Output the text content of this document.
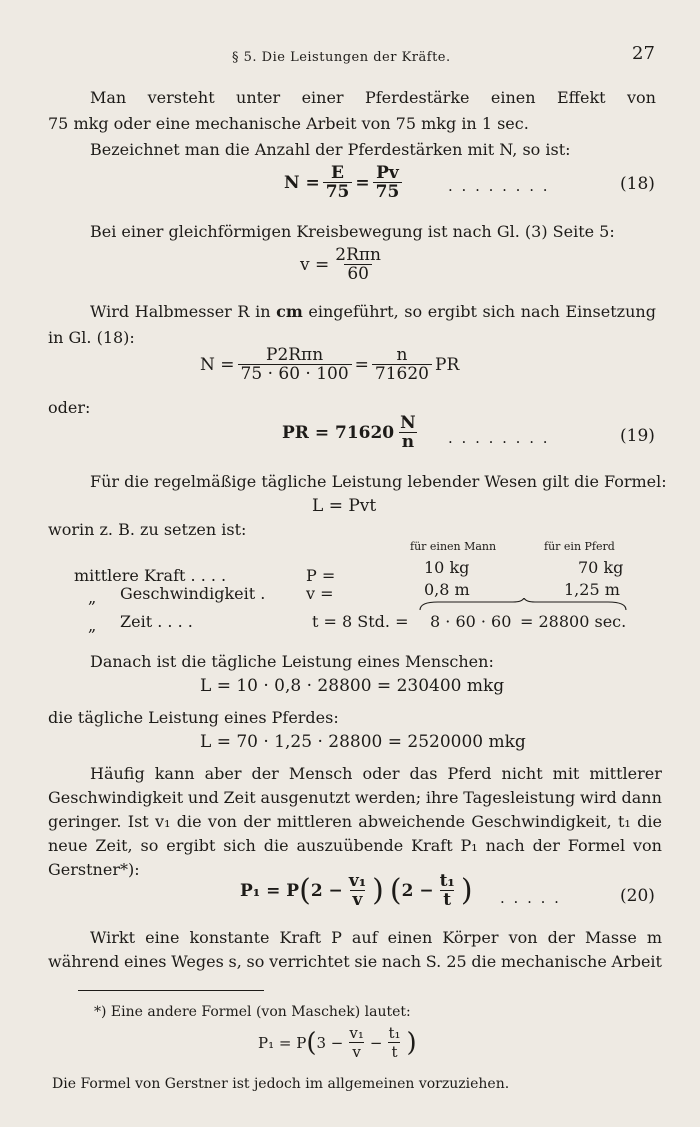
§ 5. Die Leistungen der Kräfte.	27
Man versteht unter einer Pferdestärke einen Effekt von
75 mkg oder eine mechanische Arbeit von 75 mkg in 1 sec.
Bezeichnet man die Anzahl der Pferdestärken mit N, so ist:
$N = \frac{E}{75} = \frac{Pv}{75}$	. . . . . . . .	(18)
Bei einer gleichförmigen Kreisbewegung ist nach Gl. (3) Seite 5:
$v = \frac{\text{2Rπn}}{60}$
Wird Halbmesser R in cm eingeführt, so ergibt sich nach Einsetzung
in Gl. (18):
$N = \frac{\text{P2Rπn}}{75 \cdot 60 \cdot 100} = \frac{n}{71620}$ PR
oder:
PR = $71620 \frac{N}{n}$ . . . . . . . .	(19)
Für die regelmäßige tägliche Leistung lebender Wesen gilt die Formel:
L = Pvt
worin z. B. zu setzen ist:
für einen Mann	für ein Pferd
mittlere Kraft . . . .	P =	10 kg	70 kg
„ Geschwindigkeit .	v =	0,8 m	1,25 m
„ Zeit . . . .	t = 8 Std. = 8 · 60 · 60 = 28800 sec.
Danach ist die tägliche Leistung eines Menschen:
L = 10 · 0,8 · 28800 = 230400 mkg
die tägliche Leistung eines Pferdes:
L = 70 · 1,25 · 28800 = 2520000 mkg
Häufig kann aber der Mensch oder das Pferd nicht mit mittlerer
Geschwindigkeit und Zeit ausgenutzt werden; ihre Tagesleistung wird dann
geringer. Ist v₁ die von der mittleren abweichende Geschwindigkeit, t₁ die
neue Zeit, so ergibt sich die auszuübende Kraft P₁ nach der Formel von
Gerstner*):
P₁ = P ( $2 - \frac{\text{v₁}}{v}$ ) ( $2 - \frac{\text{t₁}}{t}$ ) . . . . .	(20)
Wirkt eine konstante Kraft P auf einen Körper von der Masse m
während eines Weges s, so verrichtet sie nach S. 25 die mechanische Arbeit
*) Eine andere Formel (von Maschek) lautet:
P₁ = P ( $3 - \frac{\text{v₁}}{v} - \frac{\text{t₁}}{t}$ )
Die Formel von Gerstner ist jedoch im allgemeinen vorzuziehen.
